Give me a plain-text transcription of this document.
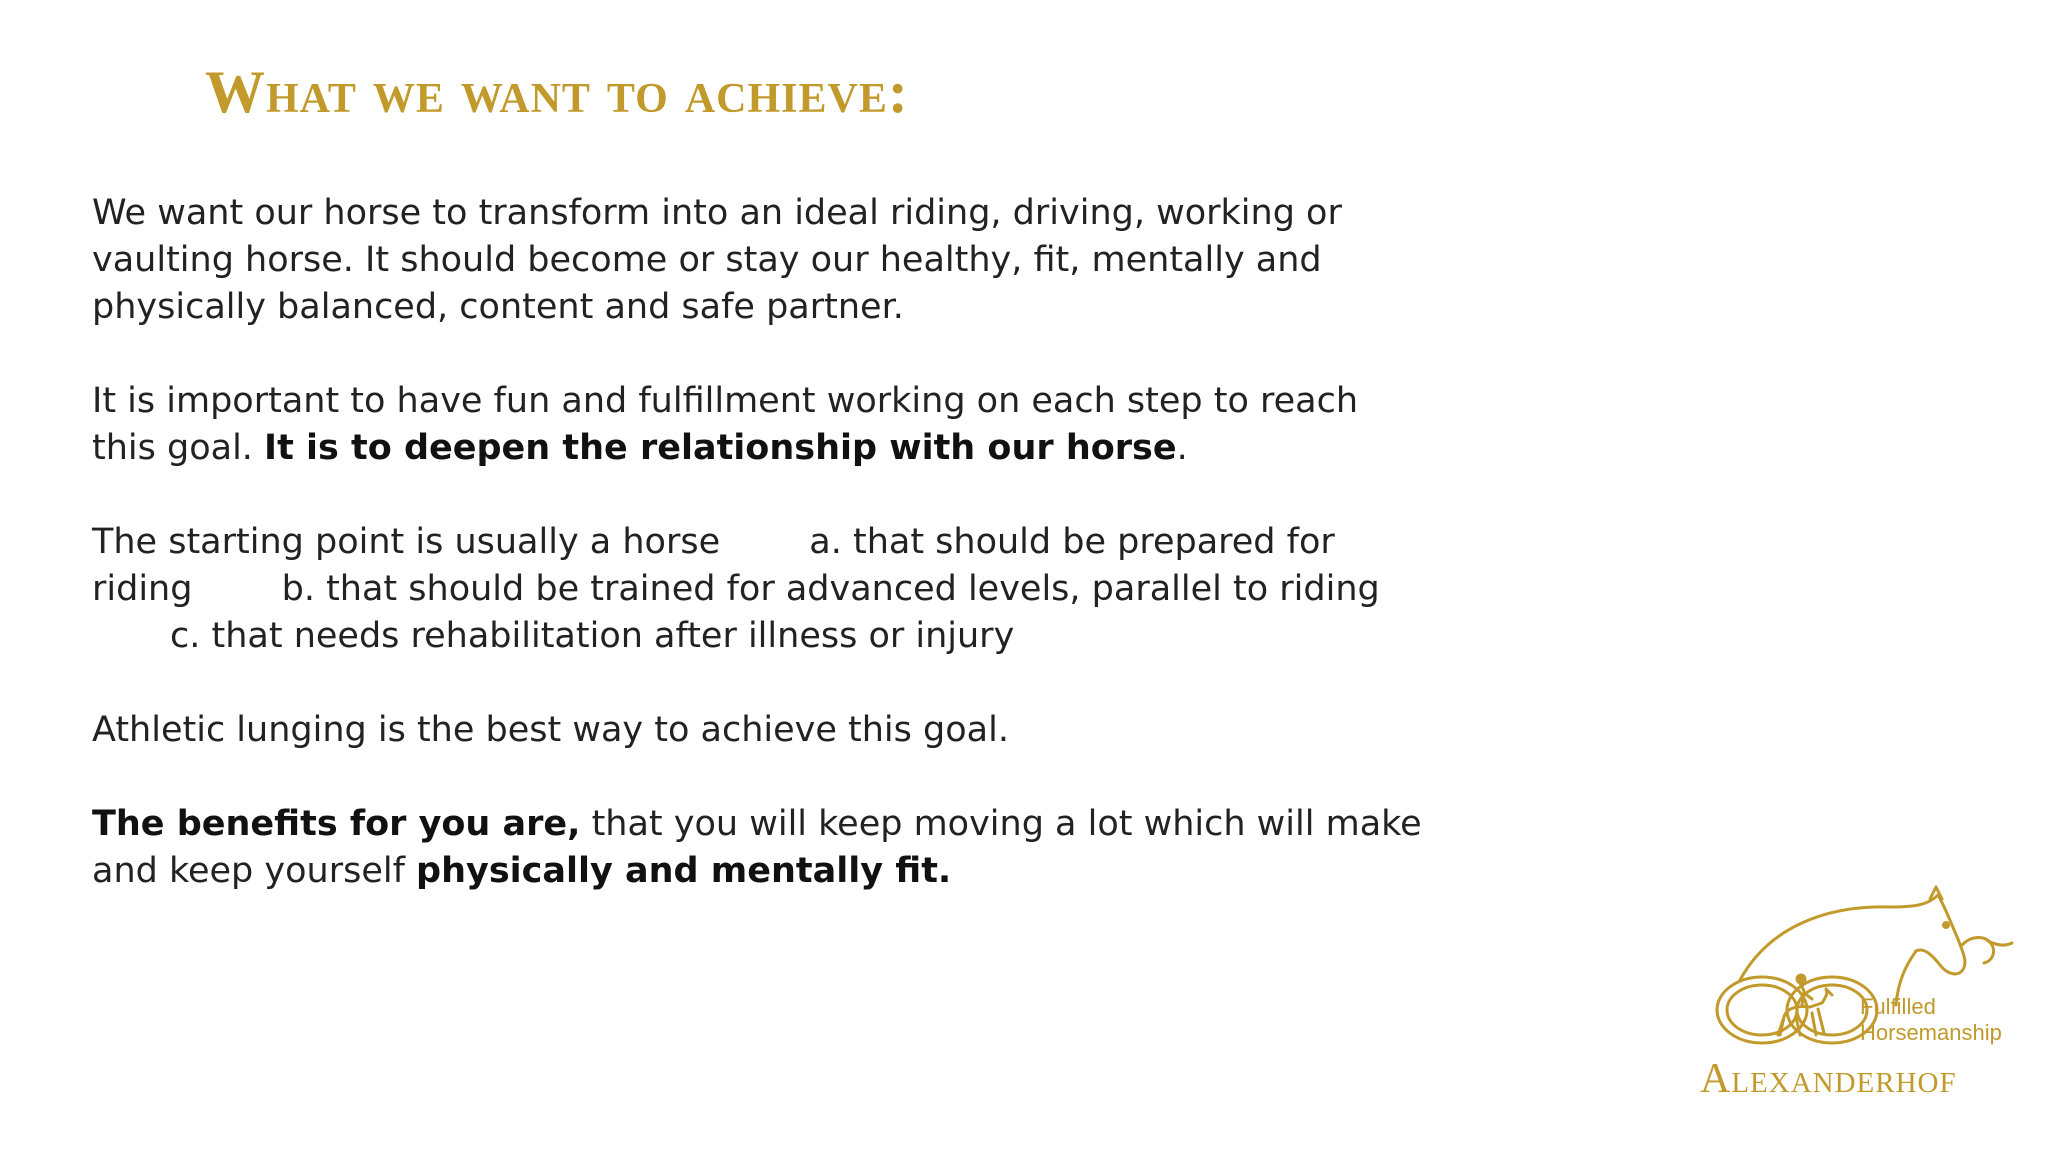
What we want to achieve:

We want our horse to transform into an ideal riding, driving, working or vaulting horse. It should become or stay our healthy, fit, mentally and physically balanced, content and safe partner.

It is important to have fun and fulfillment working on each step to reach this goal. It is to deepen the relationship with our horse.

The starting point is usually a horse	a. that should be prepared for riding	b. that should be trained for advanced levels, parallel to riding c. that needs rehabilitation after illness or injury

Athletic lunging is the best way to achieve this goal.

The benefits for you are, that you will keep moving a lot which will make and keep yourself physically and mentally fit.

Fulfilled
Horsemanship
Alexanderhof
